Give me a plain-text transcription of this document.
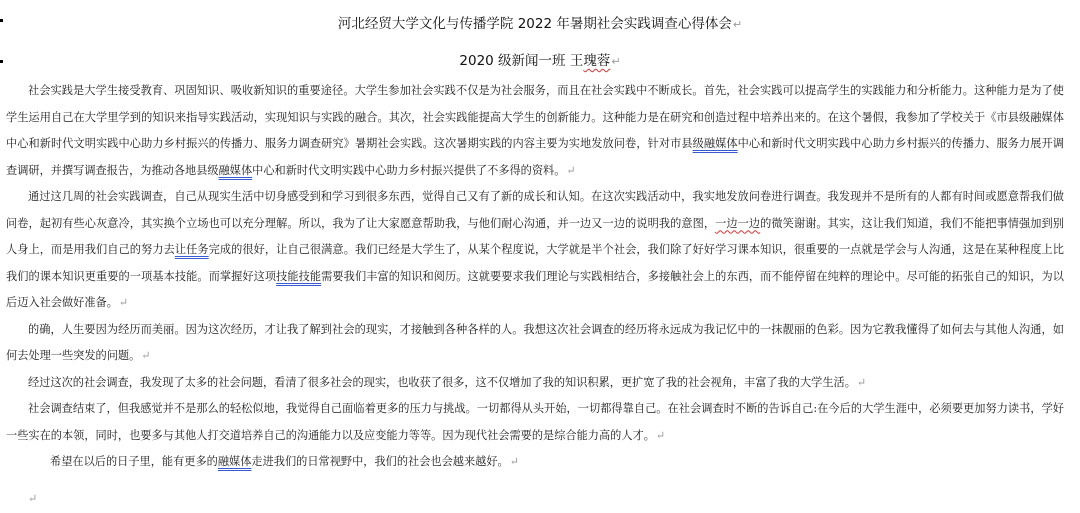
河北经贸大学文化与传播学院 2022 年暑期社会实践调查心得体会↵
2020 级新闻一班 王瑰蓉↵

社会实践是大学生接受教育、巩固知识、吸收新知识的重要途径。大学生参加社会实践不仅是为社会服务，而且在社会实践中不断成长。首先，社会实践可以提高学生的实践能力和分析能力。这种能力是为了使学生运用自己在大学里学到的知识来指导实践活动，实现知识与实践的融合。其次，社会实践能提高大学生的创新能力。这种能力是在研究和创造过程中培养出来的。在这个暑假，我参加了学校关于《市县级融媒体中心和新时代文明实践中心助力乡村振兴的传播力、服务力调查研究》暑期社会实践。这次暑期实践的内容主要为实地发放问卷，针对市县级融媒体中心和新时代文明实践中心助力乡村振兴的传播力、服务力展开调查调研，并撰写调查报告，为推动各地县级融媒体中心和新时代文明实践中心助力乡村振兴提供了不多得的资料。↵

通过这几周的社会实践调查，自己从现实生活中切身感受到和学习到很多东西，觉得自己又有了新的成长和认知。在这次实践活动中，我实地发放问卷进行调查。我发现并不是所有的人都有时间或愿意帮我们做问卷，起初有些心灰意冷，其实换个立场也可以充分理解。所以，我为了让大家愿意帮助我，与他们耐心沟通，并一边又一边的说明我的意图，一边一边的微笑谢谢。其实，这让我们知道，我们不能把事情强加到别人身上，而是用我们自己的努力去让任务完成的很好，让自己很满意。我们已经是大学生了，从某个程度说，大学就是半个社会，我们除了好好学习课本知识，很重要的一点就是学会与人沟通，这是在某种程度上比我们的课本知识更重要的一项基本技能。而掌握好这项技能技能需要我们丰富的知识和阅历。这就要要求我们理论与实践相结合，多接触社会上的东西，而不能停留在纯粹的理论中。尽可能的拓张自己的知识，为以后迈入社会做好准备。↵

的确，人生要因为经历而美丽。因为这次经历，才让我了解到社会的现实，才接触到各种各样的人。我想这次社会调查的经历将永远成为我记忆中的一抹靓丽的色彩。因为它教我懂得了如何去与其他人沟通，如何去处理一些突发的问题。↵

经过这次的社会调查，我发现了太多的社会问题，看清了很多社会的现实，也收获了很多，这不仅增加了我的知识积累，更扩宽了我的社会视角，丰富了我的大学生活。↵

社会调查结束了，但我感觉并不是那么的轻松似地，我觉得自己面临着更多的压力与挑战。一切都得从头开始，一切都得靠自己。在社会调查时不断的告诉自己:在今后的大学生涯中，必须要更加努力读书，学好一些实在的本领，同时，也要多与其他人打交道培养自己的沟通能力以及应变能力等等。因为现代社会需要的是综合能力高的人才。↵

希望在以后的日子里，能有更多的融媒体走进我们的日常视野中，我们的社会也会越来越好。↵

↵
